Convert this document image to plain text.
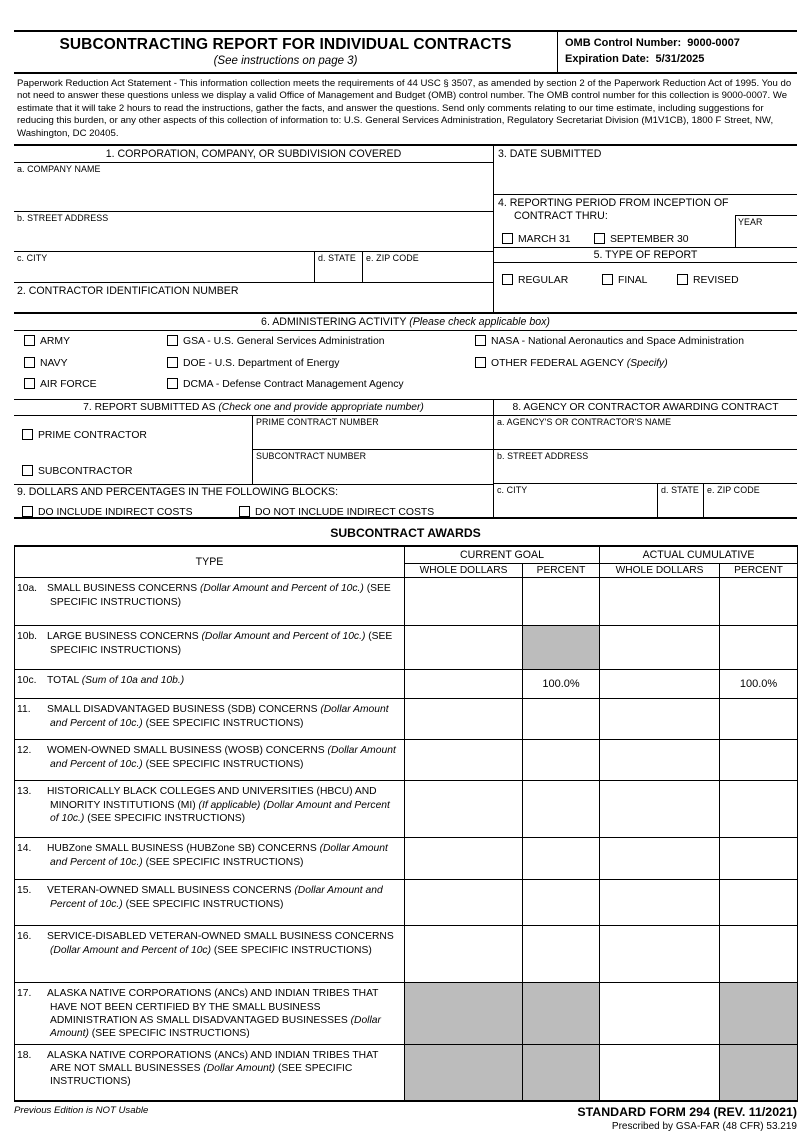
SUBCONTRACTING REPORT FOR INDIVIDUAL CONTRACTS
(See instructions on page 3)
OMB Control Number: 9000-0007
Expiration Date: 5/31/2025
Paperwork Reduction Act Statement - This information collection meets the requirements of 44 USC § 3507, as amended by section 2 of the Paperwork Reduction Act of 1995. You do not need to answer these questions unless we display a valid Office of Management and Budget (OMB) control number. The OMB control number for this collection is 9000-0007. We estimate that it will take 2 hours to read the instructions, gather the facts, and answer the questions. Send only comments relating to our time estimate, including suggestions for reducing this burden, or any other aspects of this collection of information to: U.S. General Services Administration, Regulatory Secretariat Division (M1V1CB), 1800 F Street, NW, Washington, DC 20405.
1. CORPORATION, COMPANY, OR SUBDIVISION COVERED
a. COMPANY NAME
b. STREET ADDRESS
c. CITY	d. STATE	e. ZIP CODE
2. CONTRACTOR IDENTIFICATION NUMBER
3. DATE SUBMITTED
4. REPORTING PERIOD FROM INCEPTION OF
CONTRACT THRU:	YEAR
MARCH 31	SEPTEMBER 30
5. TYPE OF REPORT
REGULAR	FINAL	REVISED
6. ADMINISTERING ACTIVITY (Please check applicable box)
ARMY
NAVY
AIR FORCE
GSA - U.S. General Services Administration
DOE - U.S. Department of Energy
DCMA - Defense Contract Management Agency
NASA - National Aeronautics and Space Administration
OTHER FEDERAL AGENCY (Specify)
7. REPORT SUBMITTED AS (Check one and provide appropriate number)
PRIME CONTRACTOR
SUBCONTRACTOR
PRIME CONTRACT NUMBER
SUBCONTRACT NUMBER
9. DOLLARS AND PERCENTAGES IN THE FOLLOWING BLOCKS:
DO INCLUDE INDIRECT COSTS	DO NOT INCLUDE INDIRECT COSTS
8. AGENCY OR CONTRACTOR AWARDING CONTRACT
a. AGENCY'S OR CONTRACTOR'S NAME
b. STREET ADDRESS
c. CITY	d. STATE e. ZIP CODE
SUBCONTRACT AWARDS
TYPE	CURRENT GOAL		ACTUAL CUMULATIVE	
	WHOLE DOLLARS	PERCENT	WHOLE DOLLARS	PERCENT

10a. SMALL BUSINESS CONCERNS (Dollar Amount and Percent of 10c.) (SEE SPECIFIC INSTRUCTIONS)				

10b. LARGE BUSINESS CONCERNS (Dollar Amount and Percent of 10c.) (SEE SPECIFIC INSTRUCTIONS)				

10c. TOTAL (Sum of 10a and 10b.)		100.0%		100.0%

11. SMALL DISADVANTAGED BUSINESS (SDB) CONCERNS (Dollar Amount and Percent of 10c.) (SEE SPECIFIC INSTRUCTIONS)				

12. WOMEN-OWNED SMALL BUSINESS (WOSB) CONCERNS (Dollar Amount and Percent of 10c.) (SEE SPECIFIC INSTRUCTIONS)				

13. HISTORICALLY BLACK COLLEGES AND UNIVERSITIES (HBCU) AND MINORITY INSTITUTIONS (MI) (If applicable) (Dollar Amount and Percent of 10c.) (SEE SPECIFIC INSTRUCTIONS)				

14. HUBZone SMALL BUSINESS (HUBZone SB) CONCERNS (Dollar Amount and Percent of 10c.) (SEE SPECIFIC INSTRUCTIONS)				

15. VETERAN-OWNED SMALL BUSINESS CONCERNS (Dollar Amount and Percent of 10c.) (SEE SPECIFIC INSTRUCTIONS)				

16. SERVICE-DISABLED VETERAN-OWNED SMALL BUSINESS CONCERNS (Dollar Amount and Percent of 10c) (SEE SPECIFIC INSTRUCTIONS)				

17. ALASKA NATIVE CORPORATIONS (ANCs) AND INDIAN TRIBES THAT HAVE NOT BEEN CERTIFIED BY THE SMALL BUSINESS ADMINISTRATION AS SMALL DISADVANTAGED BUSINESSES (Dollar Amount) (SEE SPECIFIC INSTRUCTIONS)				

18. ALASKA NATIVE CORPORATIONS (ANCs) AND INDIAN TRIBES THAT ARE NOT SMALL BUSINESSES (Dollar Amount) (SEE SPECIFIC INSTRUCTIONS)				

Previous Edition is NOT Usable	STANDARD FORM 294 (REV. 11/2021)
Prescribed by GSA-FAR (48 CFR) 53.219
